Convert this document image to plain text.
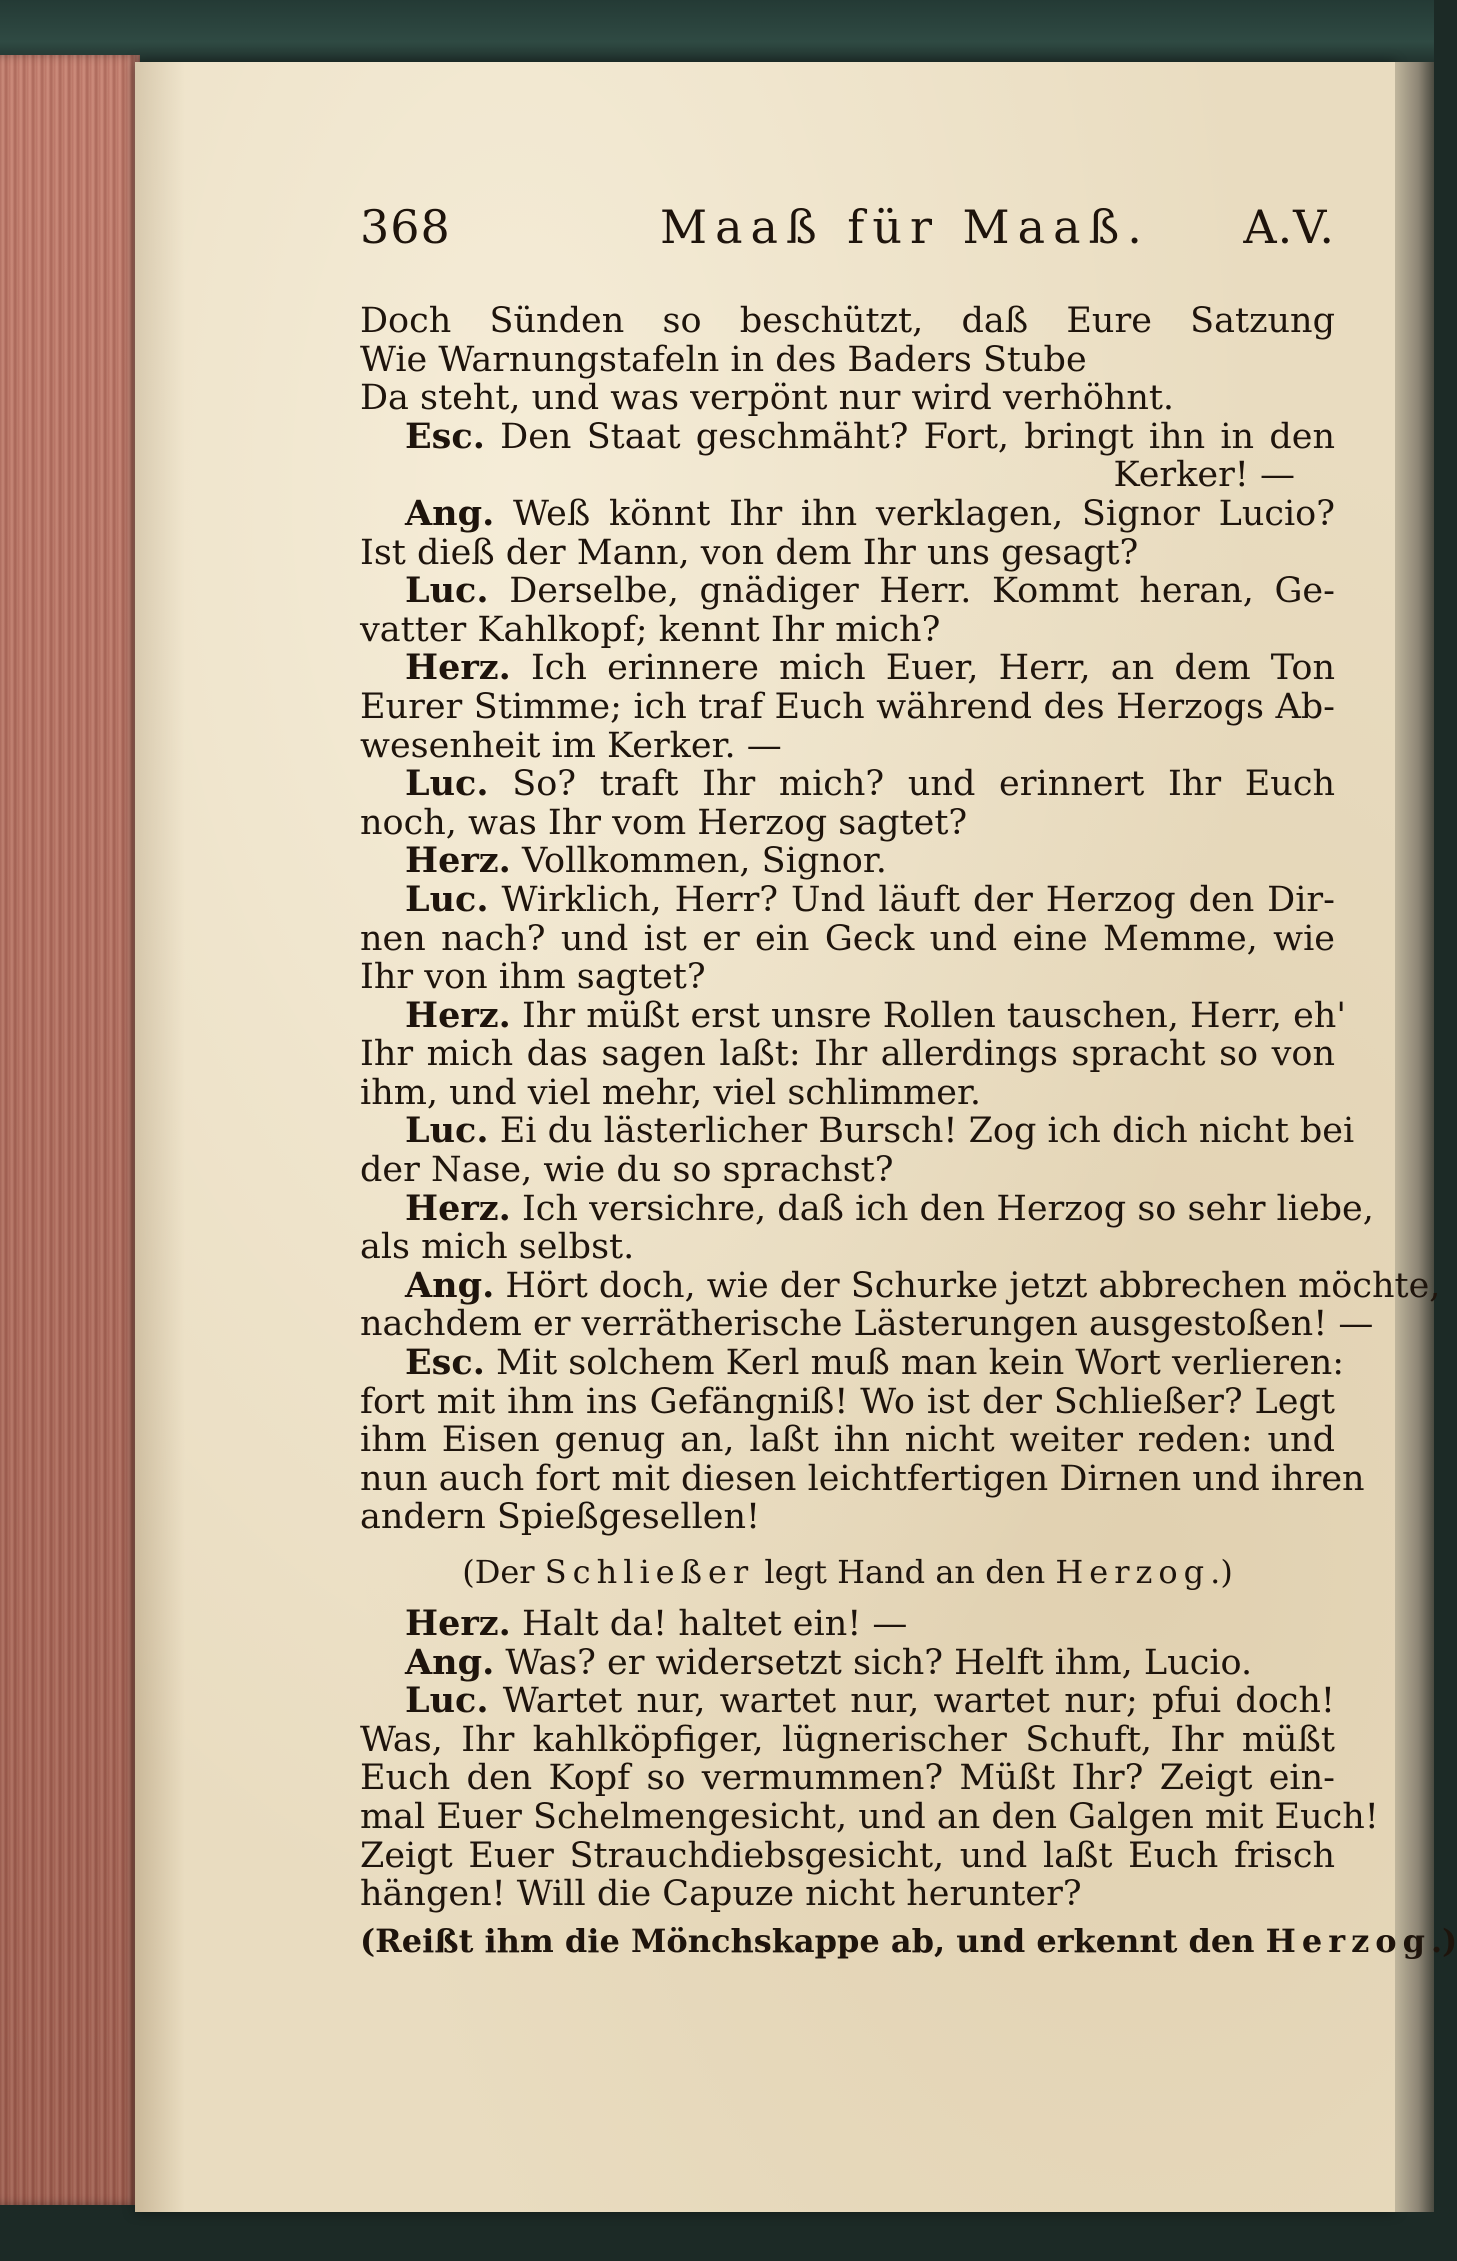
368	Maaß für Maaß. A.V.
Doch Sünden so beschützt, daß Eure Satzung
Wie Warnungstafeln in des Baders Stube
Da steht, und was verpönt nur wird verhöhnt.
Esc. Den Staat geschmäht? Fort, bringt ihn in den
Kerker! —
Ang. Weß könnt Ihr ihn verklagen, Signor Lucio?
Ist dieß der Mann, von dem Ihr uns gesagt?
Luc. Derselbe, gnädiger Herr. Kommt heran, Ge-
vatter Kahlkopf; kennt Ihr mich?
Herz. Ich erinnere mich Euer, Herr, an dem Ton
Eurer Stimme; ich traf Euch während des Herzogs Ab-
wesenheit im Kerker. —
Luc. So? traft Ihr mich? und erinnert Ihr Euch
noch, was Ihr vom Herzog sagtet?
Herz. Vollkommen, Signor.
Luc. Wirklich, Herr? Und läuft der Herzog den Dir-
nen nach? und ist er ein Geck und eine Memme, wie
Ihr von ihm sagtet?
Herz. Ihr müßt erst unsre Rollen tauschen, Herr, eh'
Ihr mich das sagen laßt: Ihr allerdings spracht so von
ihm, und viel mehr, viel schlimmer.
Luc. Ei du lästerlicher Bursch! Zog ich dich nicht bei
der Nase, wie du so sprachst?
Herz. Ich versichre, daß ich den Herzog so sehr liebe,
als mich selbst.
Ang. Hört doch, wie der Schurke jetzt abbrechen möchte,
nachdem er verrätherische Lästerungen ausgestoßen! —
Esc. Mit solchem Kerl muß man kein Wort verlieren:
fort mit ihm ins Gefängniß! Wo ist der Schließer? Legt
ihm Eisen genug an, laßt ihn nicht weiter reden: und
nun auch fort mit diesen leichtfertigen Dirnen und ihren
andern Spießgesellen!
(Der Schließer legt Hand an den Herzog.)
Herz. Halt da! haltet ein! —
Ang. Was? er widersetzt sich? Helft ihm, Lucio.
Luc. Wartet nur, wartet nur, wartet nur; pfui doch!
Was, Ihr kahlköpfiger, lügnerischer Schuft, Ihr müßt
Euch den Kopf so vermummen? Müßt Ihr? Zeigt ein-
mal Euer Schelmengesicht, und an den Galgen mit Euch!
Zeigt Euer Strauchdiebsgesicht, und laßt Euch frisch
hängen! Will die Capuze nicht herunter?
(Reißt ihm die Mönchskappe ab, und erkennt den Herzog.)
